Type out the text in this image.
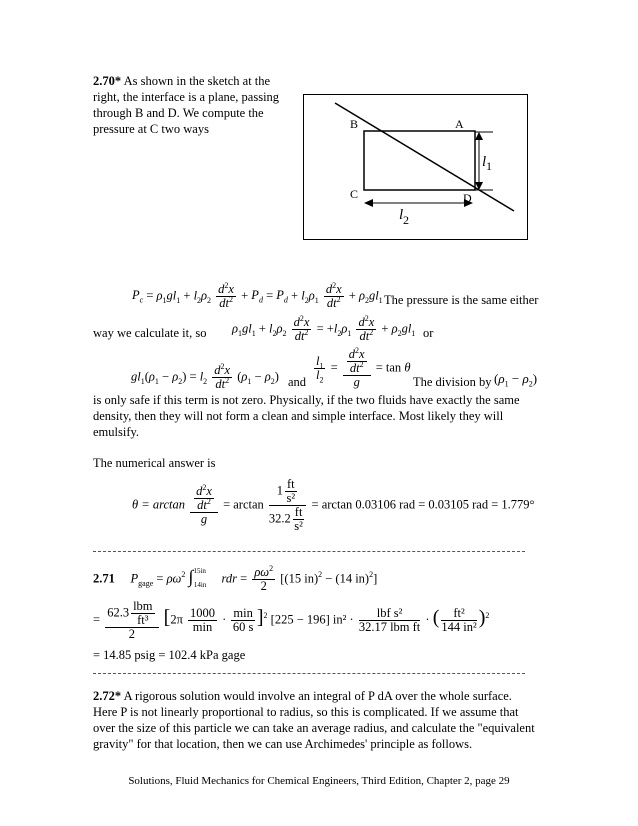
2.70* As shown in the sketch at the
right, the interface is a plane, passing
through B and D. We compute the
pressure at C two ways	B	A
C	D
l 1
l 2
$P_c = \rho_1gl_1 + l_2\rho_2 \frac{d^2x}{dt^2} + P_d = P_d + l_2\rho_1 \frac{d^2x}{dt^2} + \rho_2gl_1$ The pressure is the same either
way we calculate it, so $\rho_1gl_1 + l_2\rho_2 \frac{d^2x}{dt^2} = +l_2\rho_1 \frac{d^2x}{dt^2} + \rho_2gl_1$ or
$gl_1(\rho_1 - \rho_2) = l_2 \frac{d^2x}{dt^2} (\rho_1 - \rho_2)$ and $\frac{l_1}{l_2} = \frac{\frac{d^2x}{dt^2}}{g} = \tan \theta$
The division by $(\rho_1 - \rho_2)$
is only safe if this term is not zero. Physically, if the two fluids have exactly the same
density, then they will not form a clean and simple interface. Most likely they will
emulsify.
The numerical answer is
$\theta = \arctan \frac{\frac{d^2x}{dt^2}}{g} = \arctan \frac{1 \frac{ft}{\text{s²}}}{32.2 \frac{ft}{\text{s²}}} = \arctan 0.03106$ rad = 0.03105 rad = 1.779°
2.71 $P_{gage} = \rho\omega^2$ ∫$^{15in}_{14in}$ rdr = $\frac{\rho\omega^2}{2} [(15$ in)$^2$ − (14 in)$^2$]
= $\frac{62.3 \frac{\text{lbm}}{\text{ft³}}}{2} [2\pi \frac{1000}{\min} \cdot \frac{\min}{60 s} ]^2$ [225 − 196] $in^2 \cdot \frac{\text{lbf s²}}{\text{32.17 lbm ft}}$ · ( $\frac{\text{ft²}}{\text{144 in²}} )^2$
= 14.85 psig = 102.4 kPa gage
2.72* A rigorous solution would involve an integral of P dA over the whole surface.
Here P is not linearly proportional to radius, so this is complicated. If we assume that
over the size of this particle we can take an average radius, and calculate the "equivalent
gravity" for that location, then we can use Archimedes' principle as follows.
Solutions, Fluid Mechanics for Chemical Engineers, Third Edition, Chapter 2, page 29
